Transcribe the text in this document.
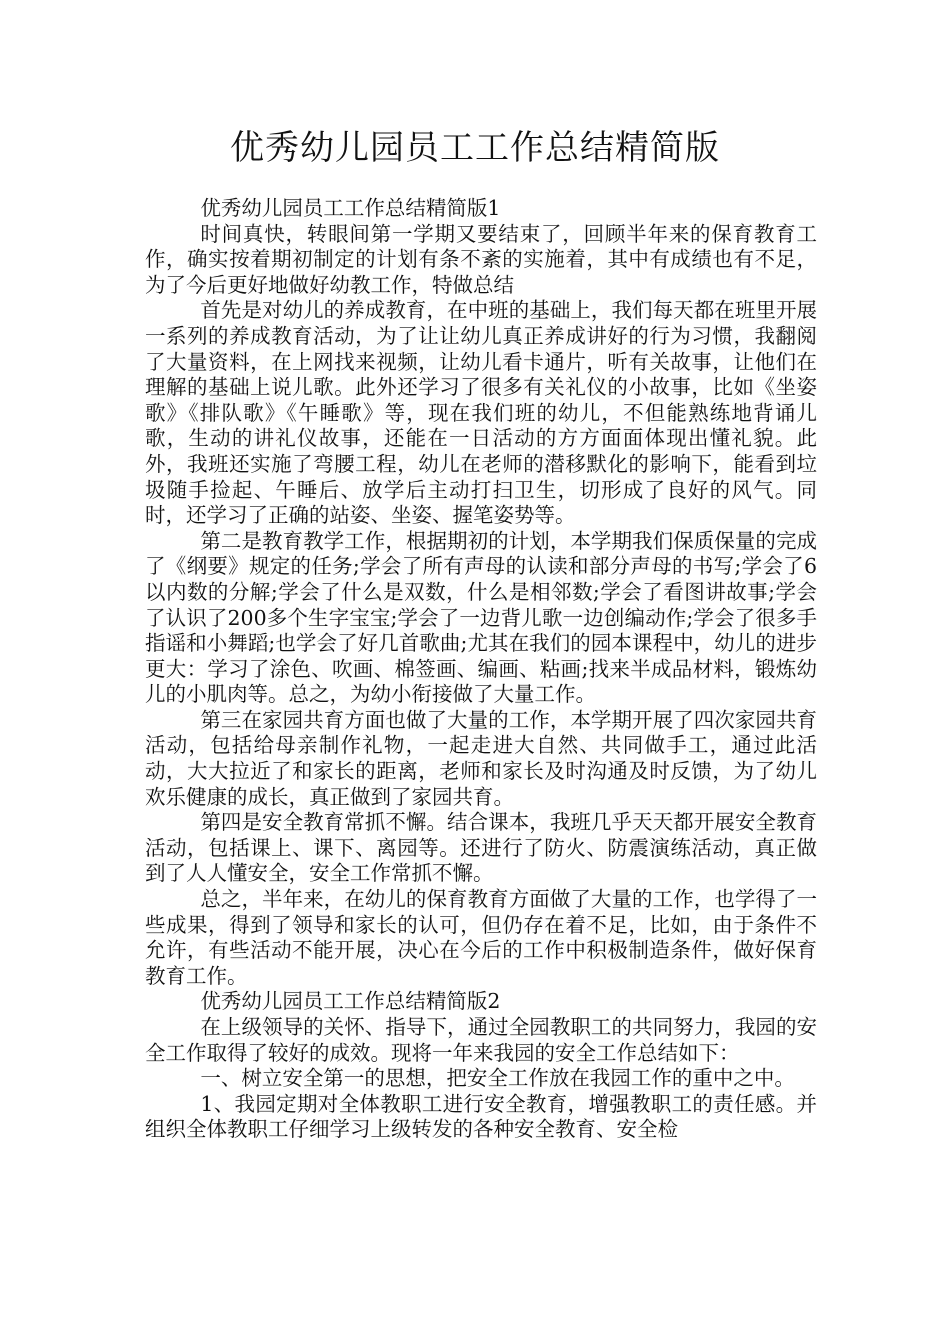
优秀幼儿园员工工作总结精简版

优秀幼儿园员工工作总结精简版1

时间真快，转眼间第一学期又要结束了，回顾半年来的保育教育工作，确实按着期初制定的计划有条不紊的实施着，其中有成绩也有不足，为了今后更好地做好幼教工作，特做总结

首先是对幼儿的养成教育，在中班的基础上，我们每天都在班里开展一系列的养成教育活动，为了让让幼儿真正养成讲好的行为习惯，我翻阅了大量资料，在上网找来视频，让幼儿看卡通片，听有关故事，让他们在理解的基础上说儿歌。此外还学习了很多有关礼仪的小故事，比如《坐姿歌》《排队歌》《午睡歌》等，现在我们班的幼儿，不但能熟练地背诵儿歌，生动的讲礼仪故事，还能在一日活动的方方面面体现出懂礼貌。此外，我班还实施了弯腰工程，幼儿在老师的潜移默化的影响下，能看到垃圾随手捡起、午睡后、放学后主动打扫卫生，切形成了良好的风气。同时，还学习了正确的站姿、坐姿、握笔姿势等。

第二是教育教学工作，根据期初的计划，本学期我们保质保量的完成了《纲要》规定的任务;学会了所有声母的认读和部分声母的书写;学会了6以内数的分解;学会了什么是双数，什么是相邻数;学会了看图讲故事;学会了认识了200多个生字宝宝;学会了一边背儿歌一边创编动作;学会了很多手指谣和小舞蹈;也学会了好几首歌曲;尤其在我们的园本课程中，幼儿的进步更大：学习了涂色、吹画、棉签画、编画、粘画;找来半成品材料，锻炼幼儿的小肌肉等。总之，为幼小衔接做了大量工作。

第三在家园共育方面也做了大量的工作，本学期开展了四次家园共育活动，包括给母亲制作礼物，一起走进大自然、共同做手工，通过此活动，大大拉近了和家长的距离，老师和家长及时沟通及时反馈，为了幼儿欢乐健康的成长，真正做到了家园共育。

第四是安全教育常抓不懈。结合课本，我班几乎天天都开展安全教育活动，包括课上、课下、离园等。还进行了防火、防震演练活动，真正做到了人人懂安全，安全工作常抓不懈。

总之，半年来，在幼儿的保育教育方面做了大量的工作，也学得了一些成果，得到了领导和家长的认可，但仍存在着不足，比如，由于条件不允许，有些活动不能开展，决心在今后的工作中积极制造条件，做好保育教育工作。

优秀幼儿园员工工作总结精简版2

在上级领导的关怀、指导下，通过全园教职工的共同努力，我园的安全工作取得了较好的成效。现将一年来我园的安全工作总结如下：

一、树立安全第一的思想，把安全工作放在我园工作的重中之中。

1、我园定期对全体教职工进行安全教育，增强教职工的责任感。并组织全体教职工仔细学习上级转发的各种安全教育、安全检
